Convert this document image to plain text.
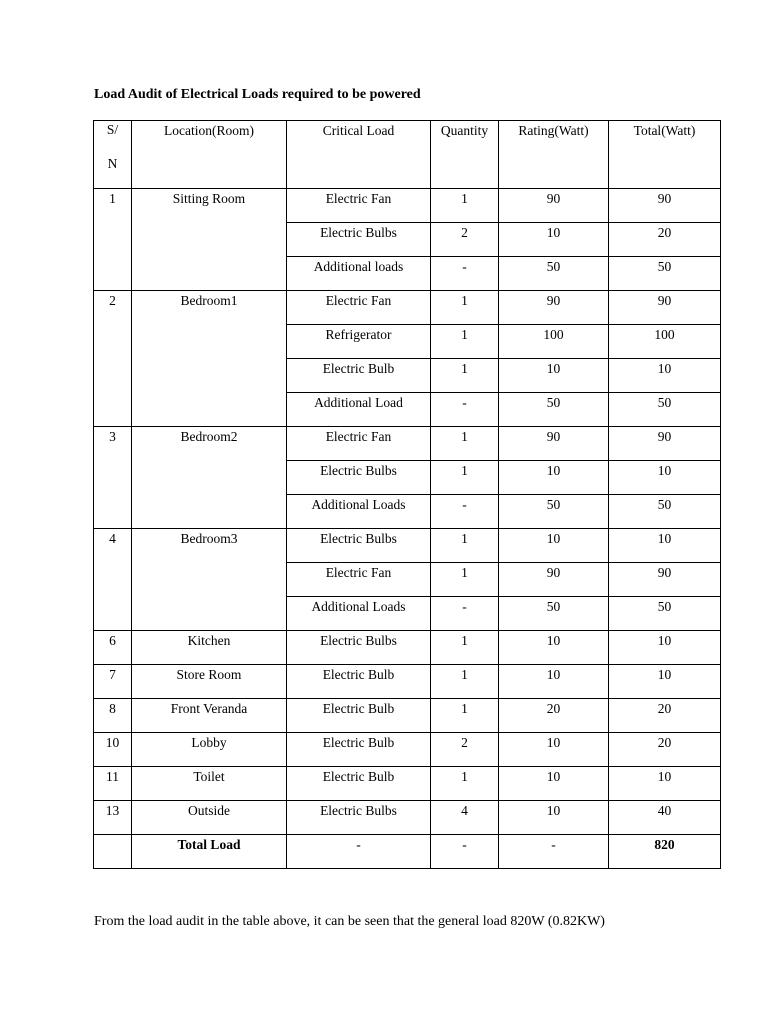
Load Audit of Electrical Loads required to be powered
S/
N	Location(Room)	Critical Load	Quantity	Rating(Watt)	Total(Watt)

1	Sitting Room	Electric Fan	1	90	90

		Electric Bulbs	2	10	20

		Additional loads	-	50	50

2	Bedroom1	Electric Fan	1	90	90

		Refrigerator	1	100	100

		Electric Bulb	1	10	10

		Additional Load	-	50	50

3	Bedroom2	Electric Fan	1	90	90

		Electric Bulbs	1	10	10

		Additional Loads	-	50	50

4	Bedroom3	Electric Bulbs	1	10	10

		Electric Fan	1	90	90

		Additional Loads	-	50	50

6	Kitchen	Electric Bulbs	1	10	10

7	Store Room	Electric Bulb	1	10	10

8	Front Veranda	Electric Bulb	1	20	20

10	Lobby	Electric Bulb	2	10	20

11	Toilet	Electric Bulb	1	10	10

13	Outside	Electric Bulbs	4	10	40

	Total Load	-	-	-	820
From the load audit in the table above, it can be seen that the general load 820W (0.82KW)
